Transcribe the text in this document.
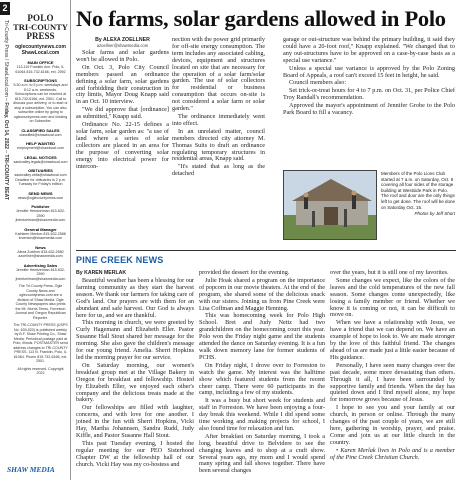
2
Tri-County Press / ShawLocal.com – Friday, Oct 14, 2022 – TRI-COUNTY BEAT
POLO
TRI-COUNTY
PRESS
oglecountynews.com
ShawLocal.com
MAIN OFFICE
113-115 Franklin Ave. Polo, IL 61064 815-732-6166, ext. 2592
SUBSCRIPTIONS
5:30 a.m. to 5 p.m. weekdays and 5:12 a.m. weekends. Subscriptions can be reached at 815-732-6166, ext. 2501. Call to discuss your delivery, or to start or stop a subscription. You can also subscribe online by going to oglecountynews.com and clicking on Subscribe.
CLASSIFIED SALES
classified@shawlocal.com
HELP WANTED
employment@shawlocal.com
LEGAL NOTICES
saukvalley.legals@shawlocal.com
OBITUARIES
saukvalley.obits@shawlocal.com Deadline for obituaries is 2 p.m. Tuesday for Friday's edition
SEND NEWS
news@oglecountynews.com
Publisher
Jennifer Heintzelman 815-632-2590 jheintzelman@shawmedia.com
General Manager
Kathleen Menton 815-632-2588 kmenton@shawmedia.com
News
Alexa Zoellner 815-632-2580 azoellner@shawmedia.com
Advertising Sales
Jennifer Heintzelman 815-632-2590 jheintzelman@shawmedia.com
The Tri-County Press, Ogle County News and oglecountynews.com are a division of Shaw Media. Ogle County Newspapers also prints the Mt. Morris Times, Forreston Journal and Oregon Republican Reporter.
The TRI-COUNTY PRESS (USPS No. 639-520) is published weekly by B.F. Shaw Printing Co., Shaw Media. Periodical postage paid at Polo, Illinois. POSTMASTER send address changes to TRI-COUNTY PRESS, 113 N. Franklin, Polo, IL 61064. Phone 815-732-6166, ext. 2501.
All rights reserved. Copyright 2022
SHAW MEDIA
No farms, solar gardens allowed in Polo
By ALEXA ZOELLNER
azoellner@shawmedia.com

Solar farms and solar gardens won't be allowed in Polo.

On Oct. 3, Polo City Council members passed an ordinance defining a solar farm, solar gardens and forbidding their construction in city limits, Mayor Doug Knapp said in an Oct. 10 interview.

"We did approve that [ordinance] as submitted," Knapp said.

Ordinance No. 22-15 defines a solar farm, solar garden as: "a use of land where a series of solar collectors are placed in an area for the purpose of converting solar energy into electrical power for intercon-

nection with the power grid primarily for off-site energy consumption. The term includes any associated cabling, devices, equipment and structures located on site that are necessary for the operation of a solar farm/solar garden. The use of solar collectors for residential or business consumption that occurs on-site is not considered a solar farm or solar garden."

The ordinance immediately went into effect.

In an unrelated matter, council members directed city attorney M. Thomas Suits to draft an ordinance regulating temporary structures in residential areas, Knapp said.

"It's stated that as long as the detached

garage or out-structure was behind the primary building, it said they could have a 20-foot roof," Knapp explained. "We changed that to any out-structures have to be approved on a case-by-case basis as a special use variance."

Unless a special use variance is approved by the Polo Zoning Board of Appeals, a roof can't exceed 15 feet in height, he said.

Council members also:

Set trick-or-treat hours for 4 to 7 p.m. on Oct. 31, per Police Chief Troy Randall's recommendation.

Approved the mayor's appointment of Jennifer Grobe to the Polo Park Board to fill a vacancy.

Members of the Polo Lions Club started at 7 a.m. on Saturday, Oct. 8 covering all four sides of the storage building at Westside Park in Polo. The roof and door are the only things left to get done. The roof will be done on Saturday Oct. 15.
Photos by Jeff Short
PINE CREEK NEWS
By KAREN MERLAK

Beautiful weather has been a blessing for our farming community as they start the harvest season. We thank our farmers for taking care of God's land. Our prayers are with them for an abundant and safe harvest. Our God is always here for us, and we are thankful.

This morning in church, we were greeted by Curly Hagemann and Elizabeth Eller. Pastor Susanne Hall Stout shared her message for the morning. She also gave the children's message for our young friend. Amelia. Sherri Hopkins led the morning prayer for our service.

On Saturday morning, our women's breakfast group met at the Village Bakery in Oregon for breakfast and fellowship. Hosted by Elizabeth Eller, we enjoyed each other's company and the delicious treats made at the bakery.

Our fellowships are filled with laughter, concerns, and with love for one another. I joined in the fun with Sherri Hopkins, Vicki Hay, Martha Johannsen, Sandra Rudd, Judy Kiffle, and Pastor Susanne Hall Stout.

This past Tuesday evening, I hosted the regular meeting for our PEO Sisterhood Chapter DW at the fellowship hall of our church. Vicki Hay was my co-hostess and

provided the dessert for the evening.

Julie Hoak shared a program on the importance of popcorn in our movie theaters. At the end of the program, she shared some of the delicious snack with our sisters. Joining us from Pine Creek were Lisa Coffman and Maggie Henning.

This was homecoming week for Polo High School. Bret and Judy Nettz had two grandchildren on the homecoming court this year. Polo won the Friday night game and the students attended the dance on Saturday evening. It is a fun walk down memory lane for former students of PCHS.

On Friday night, I drove over to Forreston to watch the game. My interest was the halftime show which featured students from the recent cheer camp. There were 60 participants in the camp, including a few of my students.

It was a busy but short week for students and staff in Forreston. We have been enjoying a four-day break this weekend. While I did spend some time working and making projects for school, I also found time for relaxation and fun.

After breakfast on Saturday morning, I took a long, beautiful drive to Belvidere to see the changing leaves and to shop at a craft show. Several years ago, my mom and I would spend many spring and fall shows together. There have been several changes

over the years, but it is still one of my favorites.

Some changes we expect, like the colors of the leaves and the cold temperatures of the new fall season. Some changes come unexpectedly, like losing a family member or friend. Whether we know it is coming or not, it can be difficult to move on.

When we have a relationship with Jesus, we have a friend that we can depend on. We have an example of hope to look to. We are made stronger by the love of this faithful friend. The changes ahead of us are made just a little easier because of His guidance.

Personally, I have seen many changes over the past decade, some more devastating than others. Through it all, I have been surrounded by supportive family and friends. When the day has quieted down and I find myself alone, my hope for tomorrow grows because of Jesus.

I hope to see you and your family at our church, in person or online. Through the many changes of the past couple of years, we are still here, gathering in worship, prayer, and praise. Come and join us at our little church in the country.

• Karen Merlak lives in Polo and is a member of the Pine Creek Christian Church.
